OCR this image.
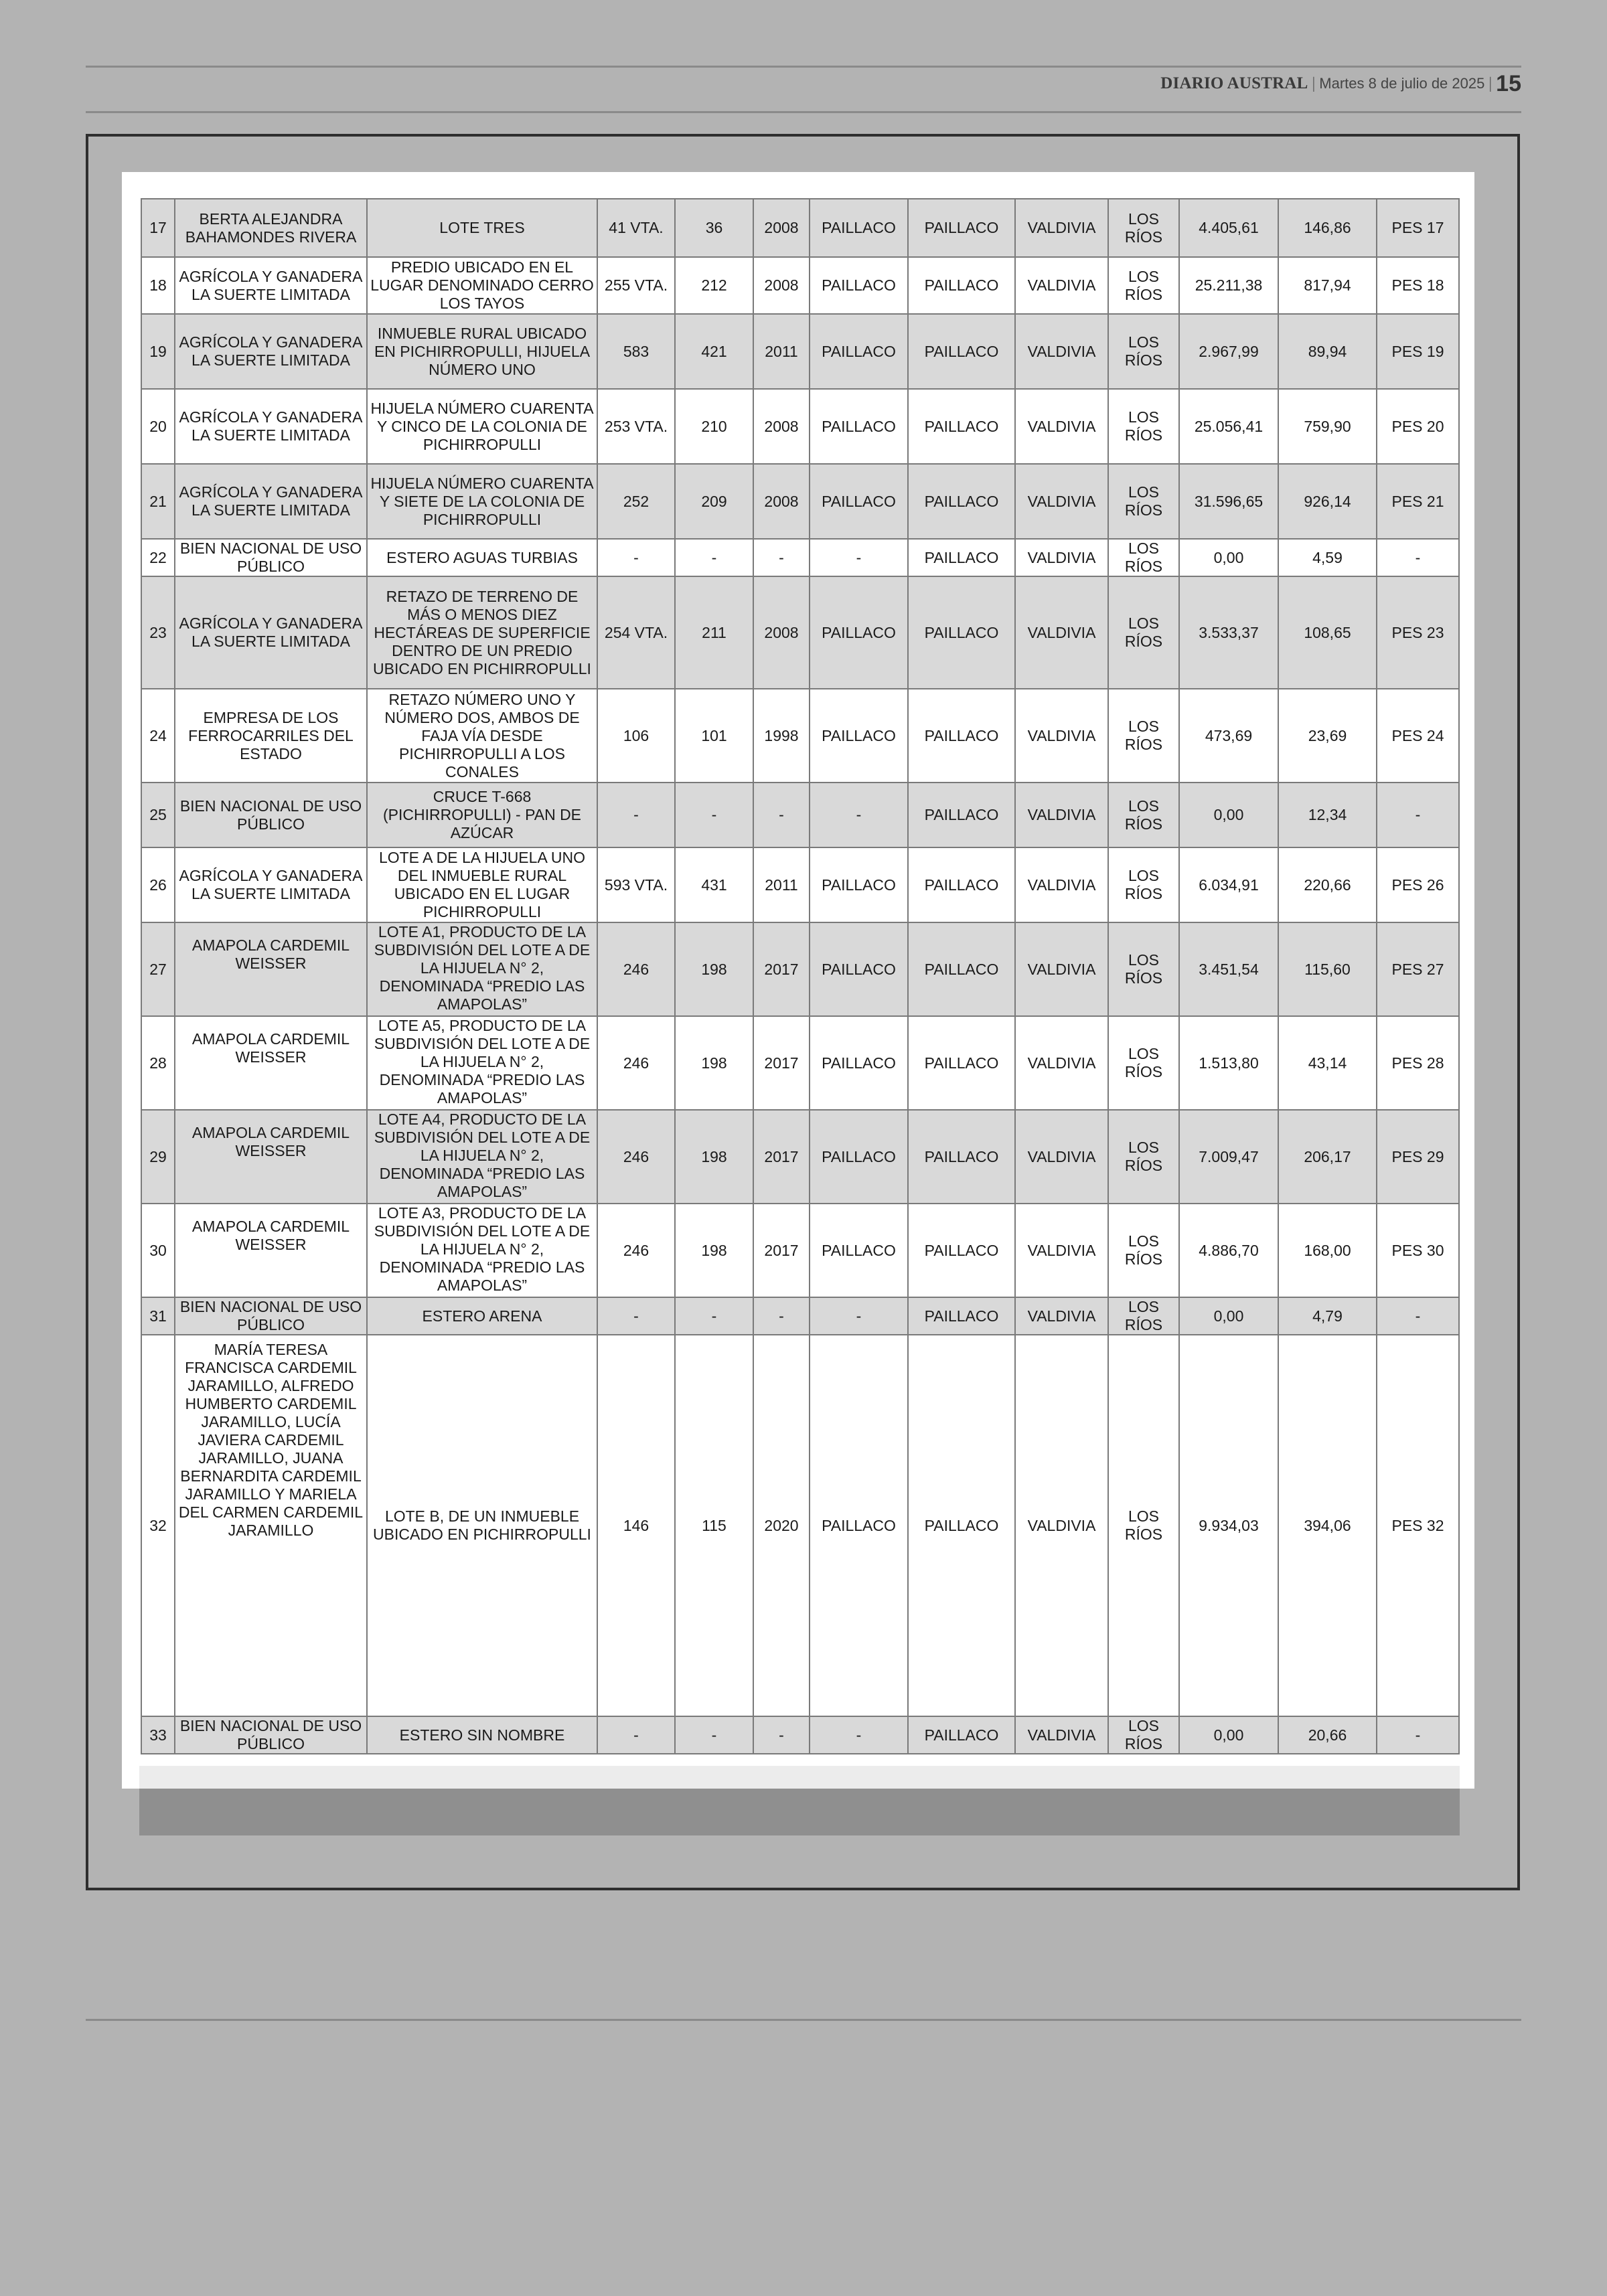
DIARIO AUSTRAL | Martes 8 de julio de 2025 | 15
17	BERTA ALEJANDRA BAHAMONDES RIVERA	LOTE TRES	41 VTA.	36	2008	PAILLACO	PAILLACO	VALDIVIA	LOS RÍOS	4.405,61	146,86	PES 17
18	AGRÍCOLA Y GANADERA LA SUERTE LIMITADA	PREDIO UBICADO EN EL LUGAR DENOMINADO CERRO LOS TAYOS	255 VTA.	212	2008	PAILLACO	PAILLACO	VALDIVIA	LOS RÍOS	25.211,38	817,94	PES 18
19	AGRÍCOLA Y GANADERA LA SUERTE LIMITADA	INMUEBLE RURAL UBICADO EN PICHIRROPULLI, HIJUELA NÚMERO UNO	583	421	2011	PAILLACO	PAILLACO	VALDIVIA	LOS RÍOS	2.967,99	89,94	PES 19
20	AGRÍCOLA Y GANADERA LA SUERTE LIMITADA	HIJUELA NÚMERO CUARENTA Y CINCO DE LA COLONIA DE PICHIRROPULLI	253 VTA.	210	2008	PAILLACO	PAILLACO	VALDIVIA	LOS RÍOS	25.056,41	759,90	PES 20
21	AGRÍCOLA Y GANADERA LA SUERTE LIMITADA	HIJUELA NÚMERO CUARENTA Y SIETE DE LA COLONIA DE PICHIRROPULLI	252	209	2008	PAILLACO	PAILLACO	VALDIVIA	LOS RÍOS	31.596,65	926,14	PES 21
22	BIEN NACIONAL DE USO PÚBLICO	ESTERO AGUAS TURBIAS	-	-	-	-	PAILLACO	VALDIVIA	LOS RÍOS	0,00	4,59	-
23	AGRÍCOLA Y GANADERA LA SUERTE LIMITADA	RETAZO DE TERRENO DE MÁS O MENOS DIEZ HECTÁREAS DE SUPERFICIE DENTRO DE UN PREDIO UBICADO EN PICHIRROPULLI	254 VTA.	211	2008	PAILLACO	PAILLACO	VALDIVIA	LOS RÍOS	3.533,37	108,65	PES 23
24	EMPRESA DE LOS FERROCARRILES DEL ESTADO	RETAZO NÚMERO UNO Y NÚMERO DOS, AMBOS DE FAJA VÍA DESDE PICHIRROPULLI A LOS CONALES	106	101	1998	PAILLACO	PAILLACO	VALDIVIA	LOS RÍOS	473,69	23,69	PES 24
25	BIEN NACIONAL DE USO PÚBLICO	CRUCE T-668 (PICHIRROPULLI) - PAN DE AZÚCAR	-	-	-	-	PAILLACO	VALDIVIA	LOS RÍOS	0,00	12,34	-
26	AGRÍCOLA Y GANADERA LA SUERTE LIMITADA	LOTE A DE LA HIJUELA UNO DEL INMUEBLE RURAL UBICADO EN EL LUGAR PICHIRROPULLI	593 VTA.	431	2011	PAILLACO	PAILLACO	VALDIVIA	LOS RÍOS	6.034,91	220,66	PES 26
27	AMAPOLA CARDEMIL WEISSER	LOTE A1, PRODUCTO DE LA SUBDIVISIÓN DEL LOTE A DE LA HIJUELA N° 2, DENOMINADA “PREDIO LAS AMAPOLAS”	246	198	2017	PAILLACO	PAILLACO	VALDIVIA	LOS RÍOS	3.451,54	115,60	PES 27
28	AMAPOLA CARDEMIL WEISSER	LOTE A5, PRODUCTO DE LA SUBDIVISIÓN DEL LOTE A DE LA HIJUELA N° 2, DENOMINADA “PREDIO LAS AMAPOLAS”	246	198	2017	PAILLACO	PAILLACO	VALDIVIA	LOS RÍOS	1.513,80	43,14	PES 28
29	AMAPOLA CARDEMIL WEISSER	LOTE A4, PRODUCTO DE LA SUBDIVISIÓN DEL LOTE A DE LA HIJUELA N° 2, DENOMINADA “PREDIO LAS AMAPOLAS”	246	198	2017	PAILLACO	PAILLACO	VALDIVIA	LOS RÍOS	7.009,47	206,17	PES 29
30	AMAPOLA CARDEMIL WEISSER	LOTE A3, PRODUCTO DE LA SUBDIVISIÓN DEL LOTE A DE LA HIJUELA N° 2, DENOMINADA “PREDIO LAS AMAPOLAS”	246	198	2017	PAILLACO	PAILLACO	VALDIVIA	LOS RÍOS	4.886,70	168,00	PES 30
31	BIEN NACIONAL DE USO PÚBLICO	ESTERO ARENA	-	-	-	-	PAILLACO	VALDIVIA	LOS RÍOS	0,00	4,79	-
32	MARÍA TERESA FRANCISCA CARDEMIL JARAMILLO, ALFREDO HUMBERTO CARDEMIL JARAMILLO, LUCÍA JAVIERA CARDEMIL JARAMILLO, JUANA BERNARDITA CARDEMIL JARAMILLO Y MARIELA DEL CARMEN CARDEMIL JARAMILLO	LOTE B, DE UN INMUEBLE UBICADO EN PICHIRROPULLI	146	115	2020	PAILLACO	PAILLACO	VALDIVIA	LOS RÍOS	9.934,03	394,06	PES 32
33	BIEN NACIONAL DE USO PÚBLICO	ESTERO SIN NOMBRE	-	-	-	-	PAILLACO	VALDIVIA	LOS RÍOS	0,00	20,66	-
